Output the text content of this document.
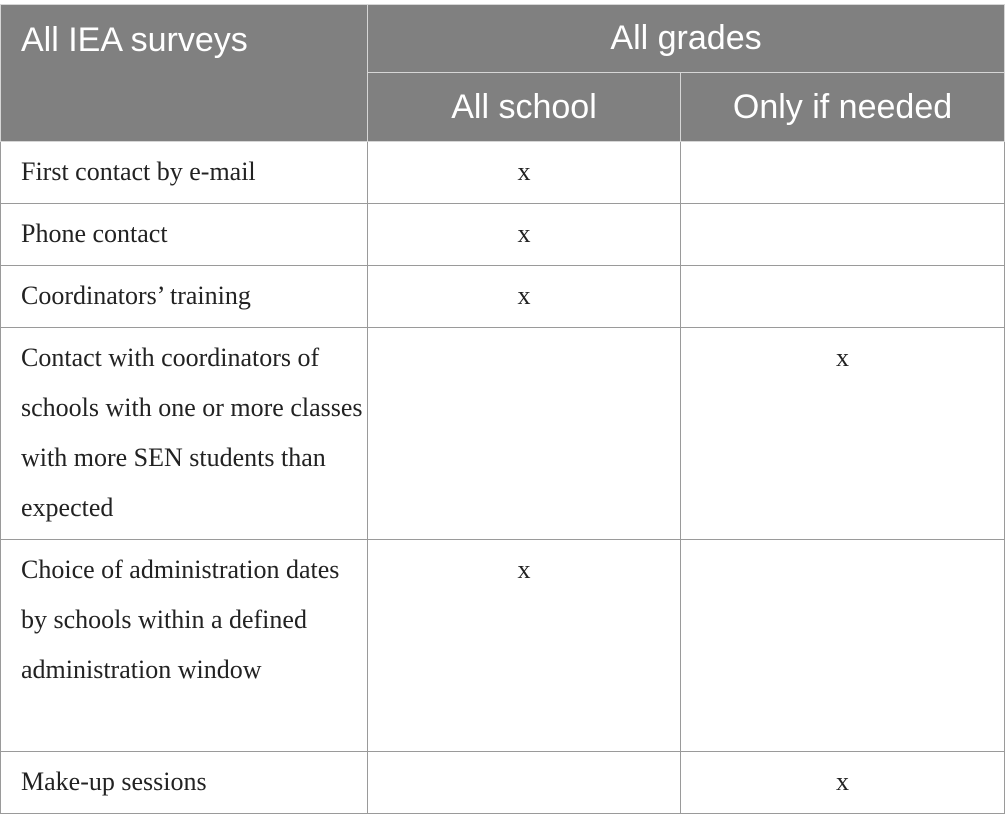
All IEA surveys	All grades	
	All school	Only if needed
First contact by e-mail	x	
Phone contact	x	
Coordinators’ training	x	
Contact with coordinators of schools with one or more classes with more SEN students than expected		x
Choice of administration dates by schools within a defined administration window	x	
Make-up sessions		x
